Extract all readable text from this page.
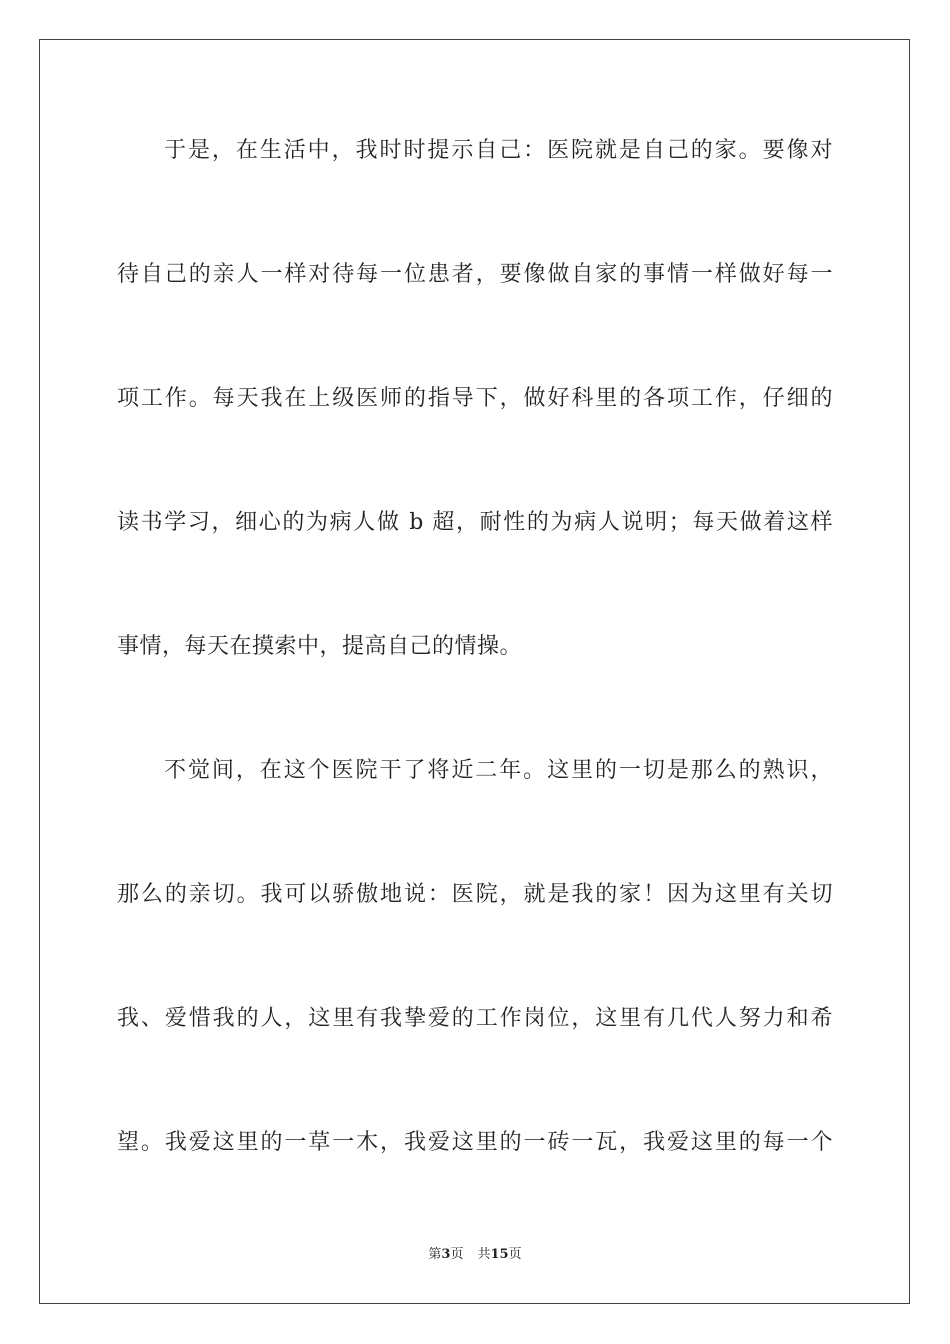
于是，在生活中，我时时提示自己：医院就是自己的家。要像对
待自己的亲人一样对待每一位患者，要像做自家的事情一样做好每一
项工作。每天我在上级医师的指导下，做好科里的各项工作，仔细的
读书学习，细心的为病人做 b 超，耐性的为病人说明；每天做着这样
事情，每天在摸索中，提高自己的情操。
不觉间，在这个医院干了将近二年。这里的一切是那么的熟识，
那么的亲切。我可以骄傲地说：医院，就是我的家！因为这里有关切
我、爱惜我的人，这里有我挚爱的工作岗位，这里有几代人努力和希
望。我爱这里的一草一木，我爱这里的一砖一瓦，我爱这里的每一个
第3页 共15页
